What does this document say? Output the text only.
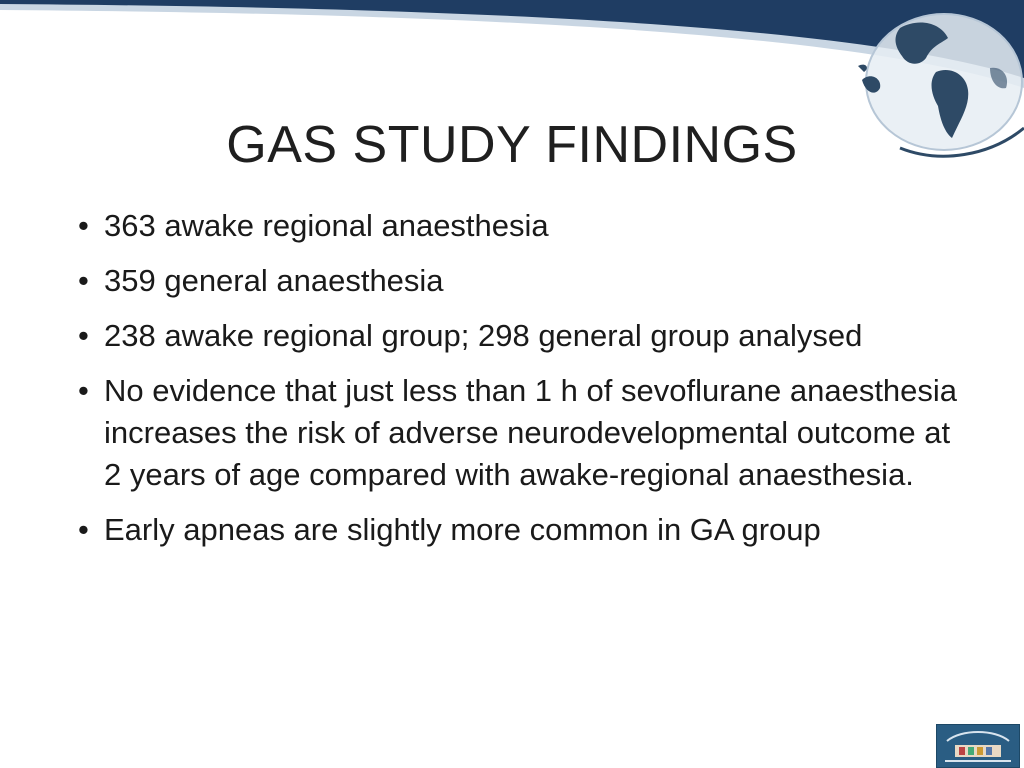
GAS STUDY FINDINGS
• 363 awake regional anaesthesia
• 359 general anaesthesia
• 238 awake regional group; 298 general group analysed
• No evidence that just less than 1 h of sevoflurane anaesthesia increases the risk of adverse neurodevelopmental outcome at 2 years of age compared with awake-regional anaesthesia.
• Early apneas are slightly more common in GA group
